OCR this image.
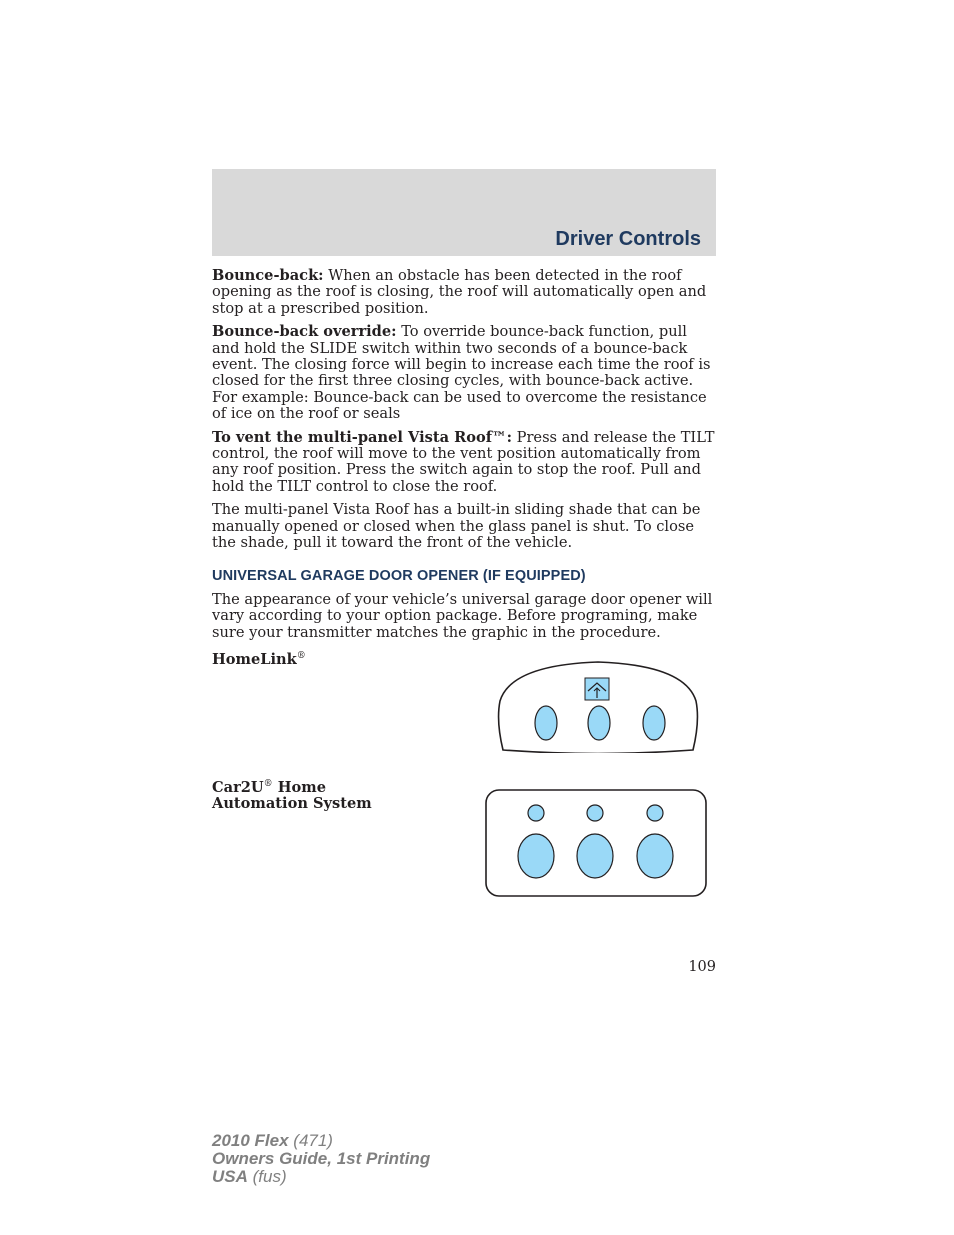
Driver Controls

Bounce-back: When an obstacle has been detected in the roof opening as the roof is closing, the roof will automatically open and stop at a prescribed position.

Bounce-back override: To override bounce-back function, pull and hold the SLIDE switch within two seconds of a bounce-back event. The closing force will begin to increase each time the roof is closed for the first three closing cycles, with bounce-back active. For example: Bounce-back can be used to overcome the resistance of ice on the roof or seals

To vent the multi-panel Vista Roof™: Press and release the TILT control, the roof will move to the vent position automatically from any roof position. Press the switch again to stop the roof. Pull and hold the TILT control to close the roof.

The multi-panel Vista Roof has a built-in sliding shade that can be manually opened or closed when the glass panel is shut. To close the shade, pull it toward the front of the vehicle.

UNIVERSAL GARAGE DOOR OPENER (IF EQUIPPED)

The appearance of your vehicle’s universal garage door opener will vary according to your option package. Before programing, make sure your transmitter matches the graphic in the procedure.

HomeLink®
Car2U® Home Automation System
109
2010 Flex (471)
Owners Guide, 1st Printing
USA (fus)
